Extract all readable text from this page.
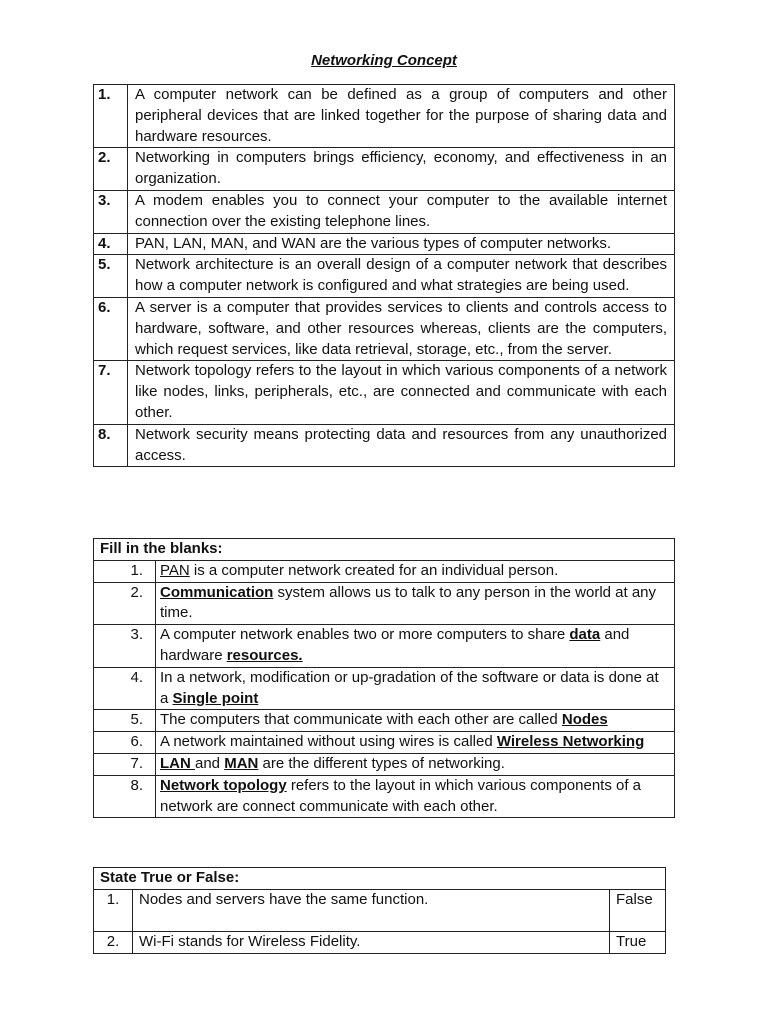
Networking Concept
1.	A computer network can be defined as a group of computers and other peripheral devices that are linked together for the purpose of sharing data and hardware resources.
2.	Networking in computers brings efficiency, economy, and effectiveness in an organization.
3.	A modem enables you to connect your computer to the available internet connection over the existing telephone lines.
4.	PAN, LAN, MAN, and WAN are the various types of computer networks.
5.	Network architecture is an overall design of a computer network that describes how a computer network is configured and what strategies are being used.
6.	A server is a computer that provides services to clients and controls access to hardware, software, and other resources whereas, clients are the computers, which request services, like data retrieval, storage, etc., from the server.
7.	Network topology refers to the layout in which various components of a network like nodes, links, peripherals, etc., are connected and communicate with each other.
8.	Network security means protecting data and resources from any unauthorized access.
Fill in the blanks:	
1.	PAN is a computer network created for an individual person.
2.	Communication system allows us to talk to any person in the world at any time.
3.	A computer network enables two or more computers to share data and hardware resources.
4.	In a network, modification or up-gradation of the software or data is done at a Single point
5.	The computers that communicate with each other are called Nodes
6.	A network maintained without using wires is called Wireless Networking
7.	LAN and MAN are the different types of networking.
8.	Network topology refers to the layout in which various components of a network are connect communicate with each other.
State True or False:		
1.	Nodes and servers have the same function.	False
2.	Wi-Fi stands for Wireless Fidelity.	True
